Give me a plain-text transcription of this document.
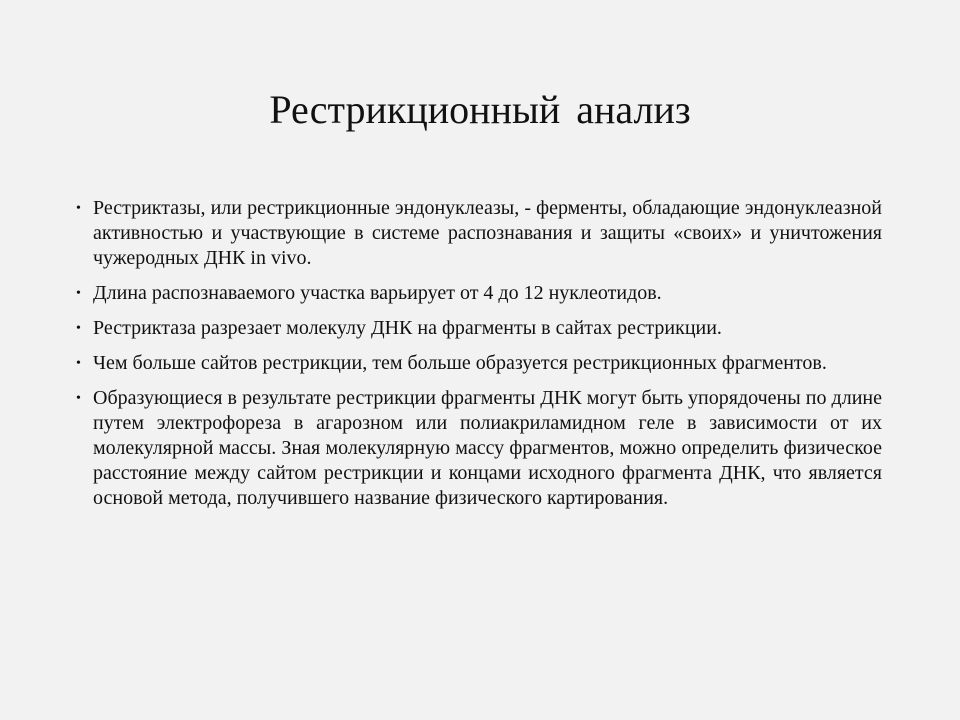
Рестрикционный анализ
• Рестриктазы, или рестрикционные эндонуклеазы, - ферменты, обладающие эндонуклеазной активностью и участвующие в системе распознавания и защиты «своих» и уничтожения чужеродных ДНК in vivo.
• Длина распознаваемого участка варьирует от 4 до 12 нуклеотидов.
• Рестриктаза разрезает молекулу ДНК на фрагменты в сайтах рестрикции.
• Чем больше сайтов рестрикции, тем больше образуется рестрикционных фрагментов.
• Образующиеся в результате рестрикции фрагменты ДНК могут быть упорядочены по длине путем электрофореза в агарозном или полиакриламидном геле в зависимости от их молекулярной массы. Зная молекулярную массу фрагментов, можно определить физическое расстояние между сайтом рестрикции и концами исходного фрагмента ДНК, что является основой метода, получившего название физического картирования.
